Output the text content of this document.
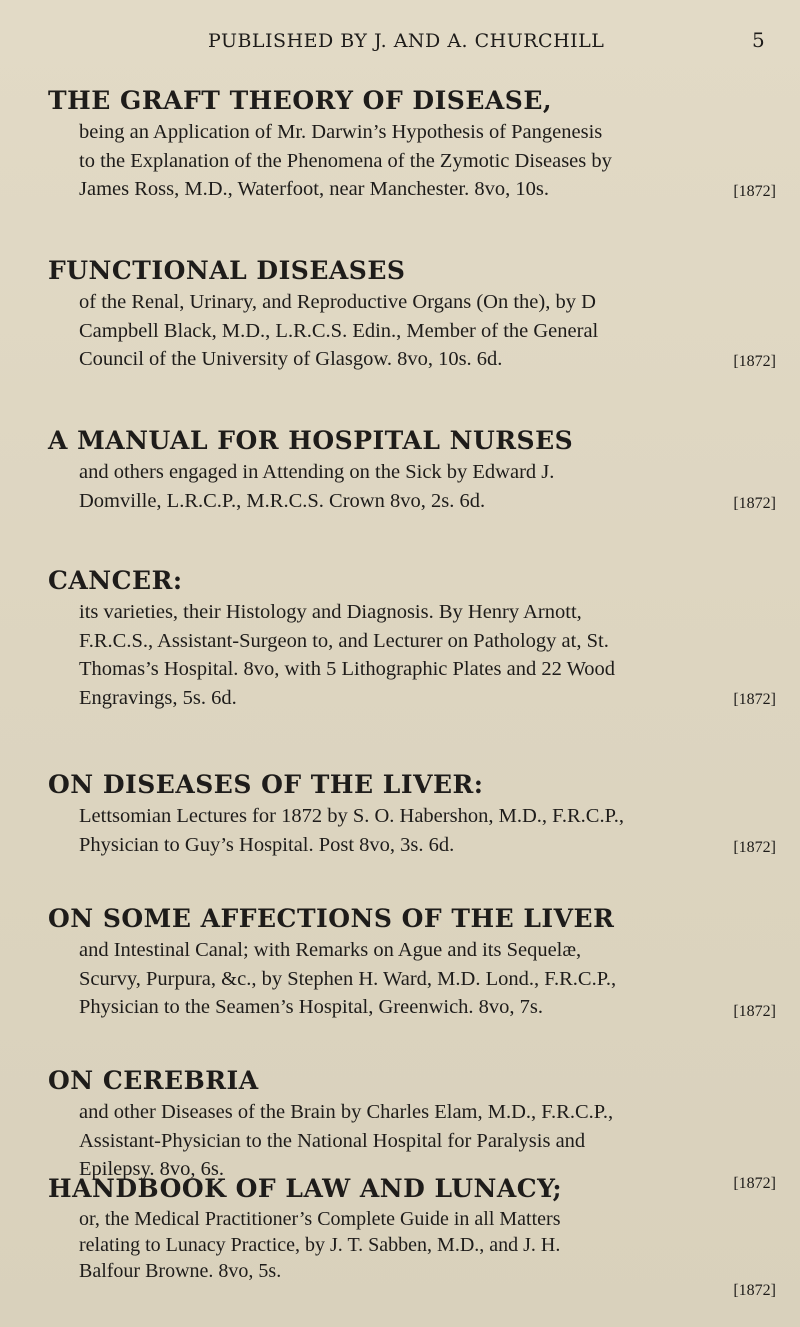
PUBLISHED BY J. AND A. CHURCHILL	5
THE GRAFT THEORY OF DISEASE,
being an Application of Mr. Darwin’s Hypothesis of Pangenesis
to the Explanation of the Phenomena of the Zymotic Diseases by
James Ross, M.D., Waterfoot, near Manchester. 8vo, 10s.	[1872]
FUNCTIONAL DISEASES
of the Renal, Urinary, and Reproductive Organs (On the), by D
Campbell Black, M.D., L.R.C.S. Edin., Member of the General
Council of the University of Glasgow. 8vo, 10s. 6d.	[1872]
A MANUAL FOR HOSPITAL NURSES
and others engaged in Attending on the Sick by Edward J.
Domville, L.R.C.P., M.R.C.S. Crown 8vo, 2s. 6d.	[1872]
CANCER:
its varieties, their Histology and Diagnosis. By Henry Arnott,
F.R.C.S., Assistant-Surgeon to, and Lecturer on Pathology at, St.
Thomas’s Hospital. 8vo, with 5 Lithographic Plates and 22 Wood
Engravings, 5s. 6d.	[1872]
ON DISEASES OF THE LIVER:
Lettsomian Lectures for 1872 by S. O. Habershon, M.D., F.R.C.P.,
Physician to Guy’s Hospital. Post 8vo, 3s. 6d.	[1872]
ON SOME AFFECTIONS OF THE LIVER
and Intestinal Canal; with Remarks on Ague and its Sequelæ,
Scurvy, Purpura, &c., by Stephen H. Ward, M.D. Lond., F.R.C.P.,
Physician to the Seamen’s Hospital, Greenwich. 8vo, 7s.	[1872]
ON CEREBRIA
and other Diseases of the Brain by Charles Elam, M.D., F.R.C.P.,
Assistant-Physician to the National Hospital for Paralysis and
Epilepsy. 8vo, 6s.
[1872]
HANDBOOK OF LAW AND LUNACY;
or, the Medical Practitioner’s Complete Guide in all Matters
relating to Lunacy Practice, by J. T. Sabben, M.D., and J. H.
Balfour Browne. 8vo, 5s.
[1872]
